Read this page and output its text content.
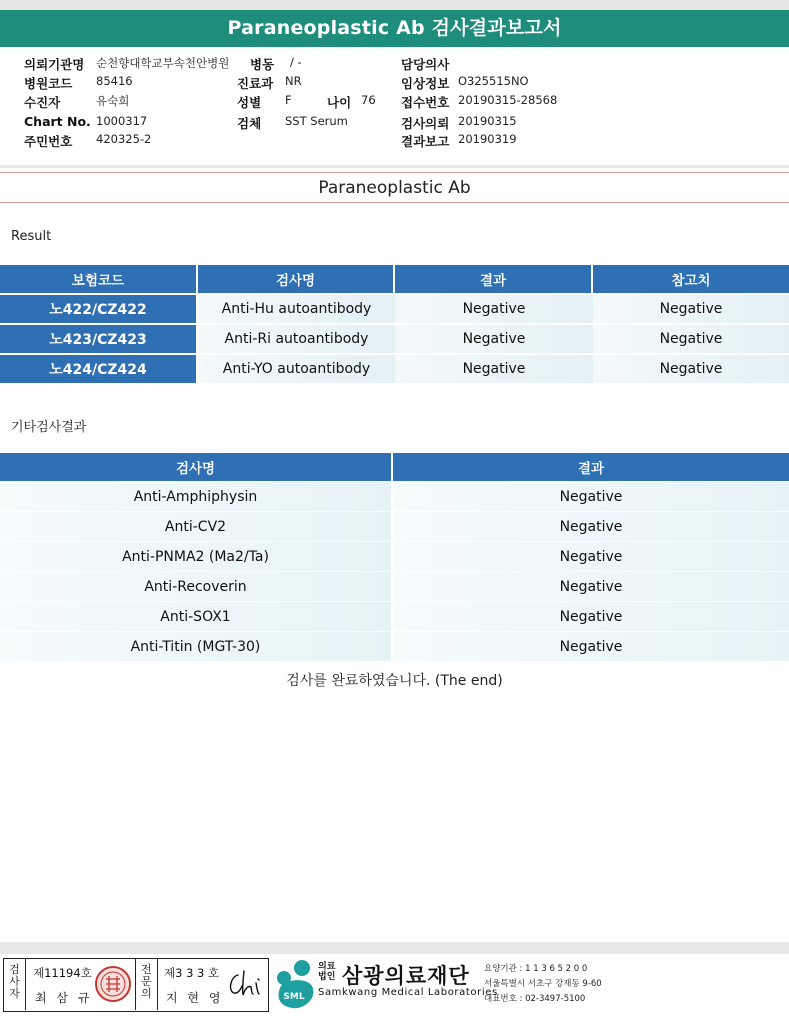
Paraneoplastic Ab 검사결과보고서
의뢰기관명 순천향대학교부속천안병원 병동 / -	담당의사
병원코드 85416	진료과 NR	임상정보 O325515NO
수진자	유숙희	성별 F	나이 76 접수번호 20190315-28568
Chart No. 1000317	검체 SST Serum	검사의뢰 20190315
주민번호 420325-2	결과보고 20190319
Paraneoplastic Ab
Result
보험코드	검사명	결과	참고치
노422/CZ422	Anti-Hu autoantibody	Negative	Negative
노423/CZ423	Anti-Ri autoantibody	Negative	Negative
노424/CZ424	Anti-YO autoantibody	Negative	Negative
기타검사결과
검사명	결과
Anti-Amphiphysin	Negative
Anti-CV2	Negative
Anti-PNMA2 (Ma2/Ta)	Negative
Anti-Recoverin	Negative
Anti-SOX1	Negative
Anti-Titin (MGT-30)	Negative
검사를 완료하였습니다. (The end)
검
사
자
제11194호
최 삼 규
전
문
의
제3 3 3 호
지 현 영	SML
의료법인 삼광의료재단
Samkwang Medical Laboratories
요양기관 : 1 1 3 6 5 2 0 0
서울특별시 서초구 강재동 9-60
대표번호 : 02-3497-5100
